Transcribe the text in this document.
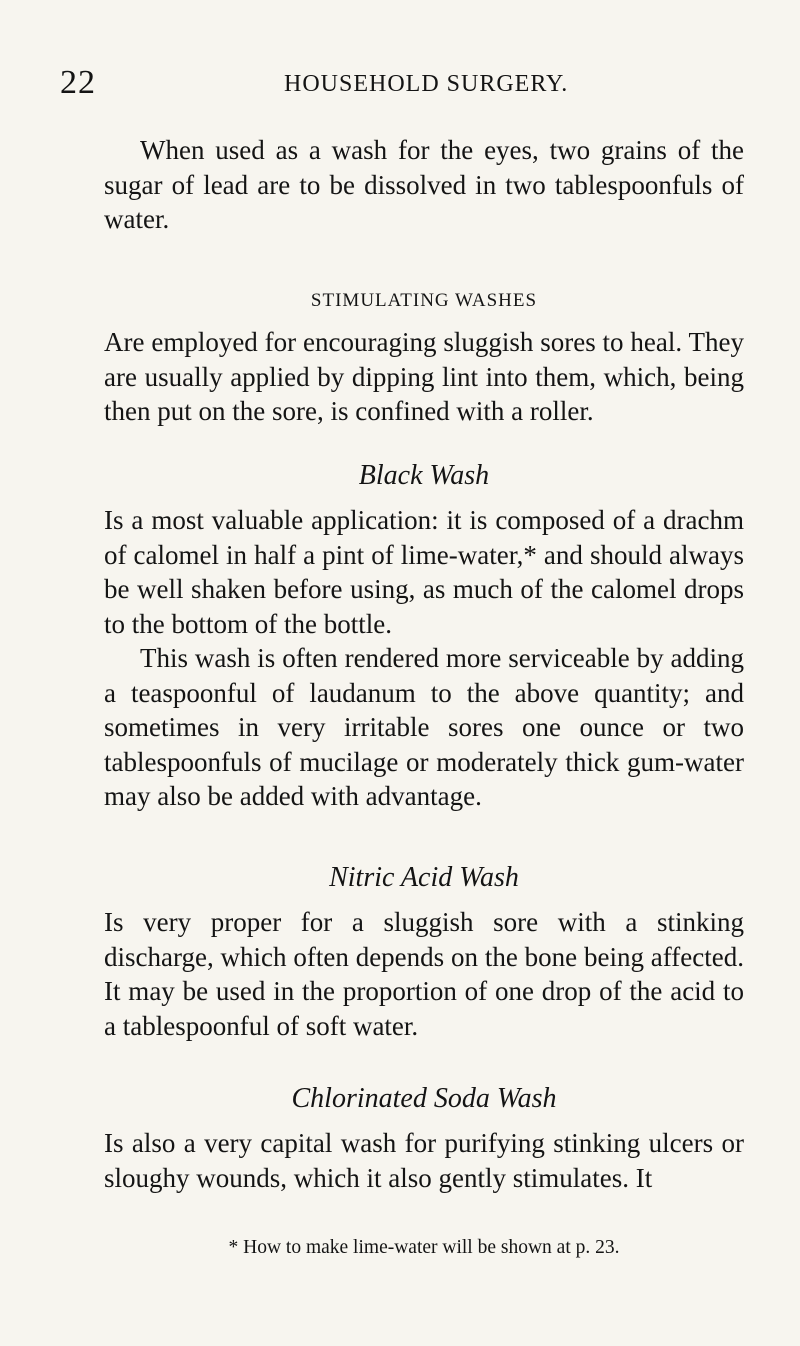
22	HOUSEHOLD SURGERY.

When used as a wash for the eyes, two grains of the sugar of lead are to be dissolved in two tablespoonfuls of water.

STIMULATING WASHES

Are employed for encouraging sluggish sores to heal. They are usually applied by dipping lint into them, which, being then put on the sore, is confined with a roller.

Black Wash

Is a most valuable application: it is composed of a drachm of calomel in half a pint of lime-water,* and should always be well shaken before using, as much of the calomel drops to the bottom of the bottle.

This wash is often rendered more serviceable by adding a teaspoonful of laudanum to the above quantity; and sometimes in very irritable sores one ounce or two tablespoonfuls of mucilage or moderately thick gum-water may also be added with advantage.

Nitric Acid Wash

Is very proper for a sluggish sore with a stinking discharge, which often depends on the bone being affected. It may be used in the proportion of one drop of the acid to a tablespoonful of soft water.

Chlorinated Soda Wash

Is also a very capital wash for purifying stinking ulcers or sloughy wounds, which it also gently stimulates. It

* How to make lime-water will be shown at p. 23.
